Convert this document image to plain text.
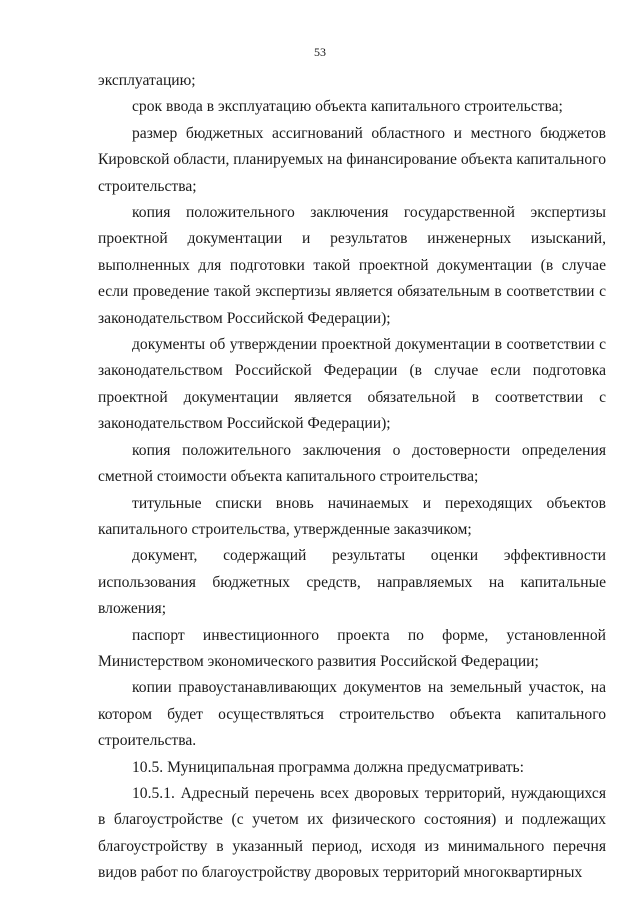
53

эксплуатацию;

срок ввода в эксплуатацию объекта капитального строительства;

размер бюджетных ассигнований областного и местного бюджетов Кировской области, планируемых на финансирование объекта капитального строительства;

копия положительного заключения государственной экспертизы проектной документации и результатов инженерных изысканий, выполненных для подготовки такой проектной документации (в случае если проведение такой экспертизы является обязательным в соответствии с законодательством Российской Федерации);

документы об утверждении проектной документации в соответствии с законодательством Российской Федерации (в случае если подготовка проектной документации является обязательной в соответствии с законодательством Российской Федерации);

копия положительного заключения о достоверности определения сметной стоимости объекта капитального строительства;

титульные списки вновь начинаемых и переходящих объектов капитального строительства, утвержденные заказчиком;

документ, содержащий результаты оценки эффективности использования бюджетных средств, направляемых на капитальные вложения;

паспорт инвестиционного проекта по форме, установленной Министерством экономического развития Российской Федерации;

копии правоустанавливающих документов на земельный участок, на котором будет осуществляться строительство объекта капитального строительства.

10.5. Муниципальная программа должна предусматривать:

10.5.1. Адресный перечень всех дворовых территорий, нуждающихся в благоустройстве (с учетом их физического состояния) и подлежащих благоустройству в указанный период, исходя из минимального перечня видов работ по благоустройству дворовых территорий многоквартирных
